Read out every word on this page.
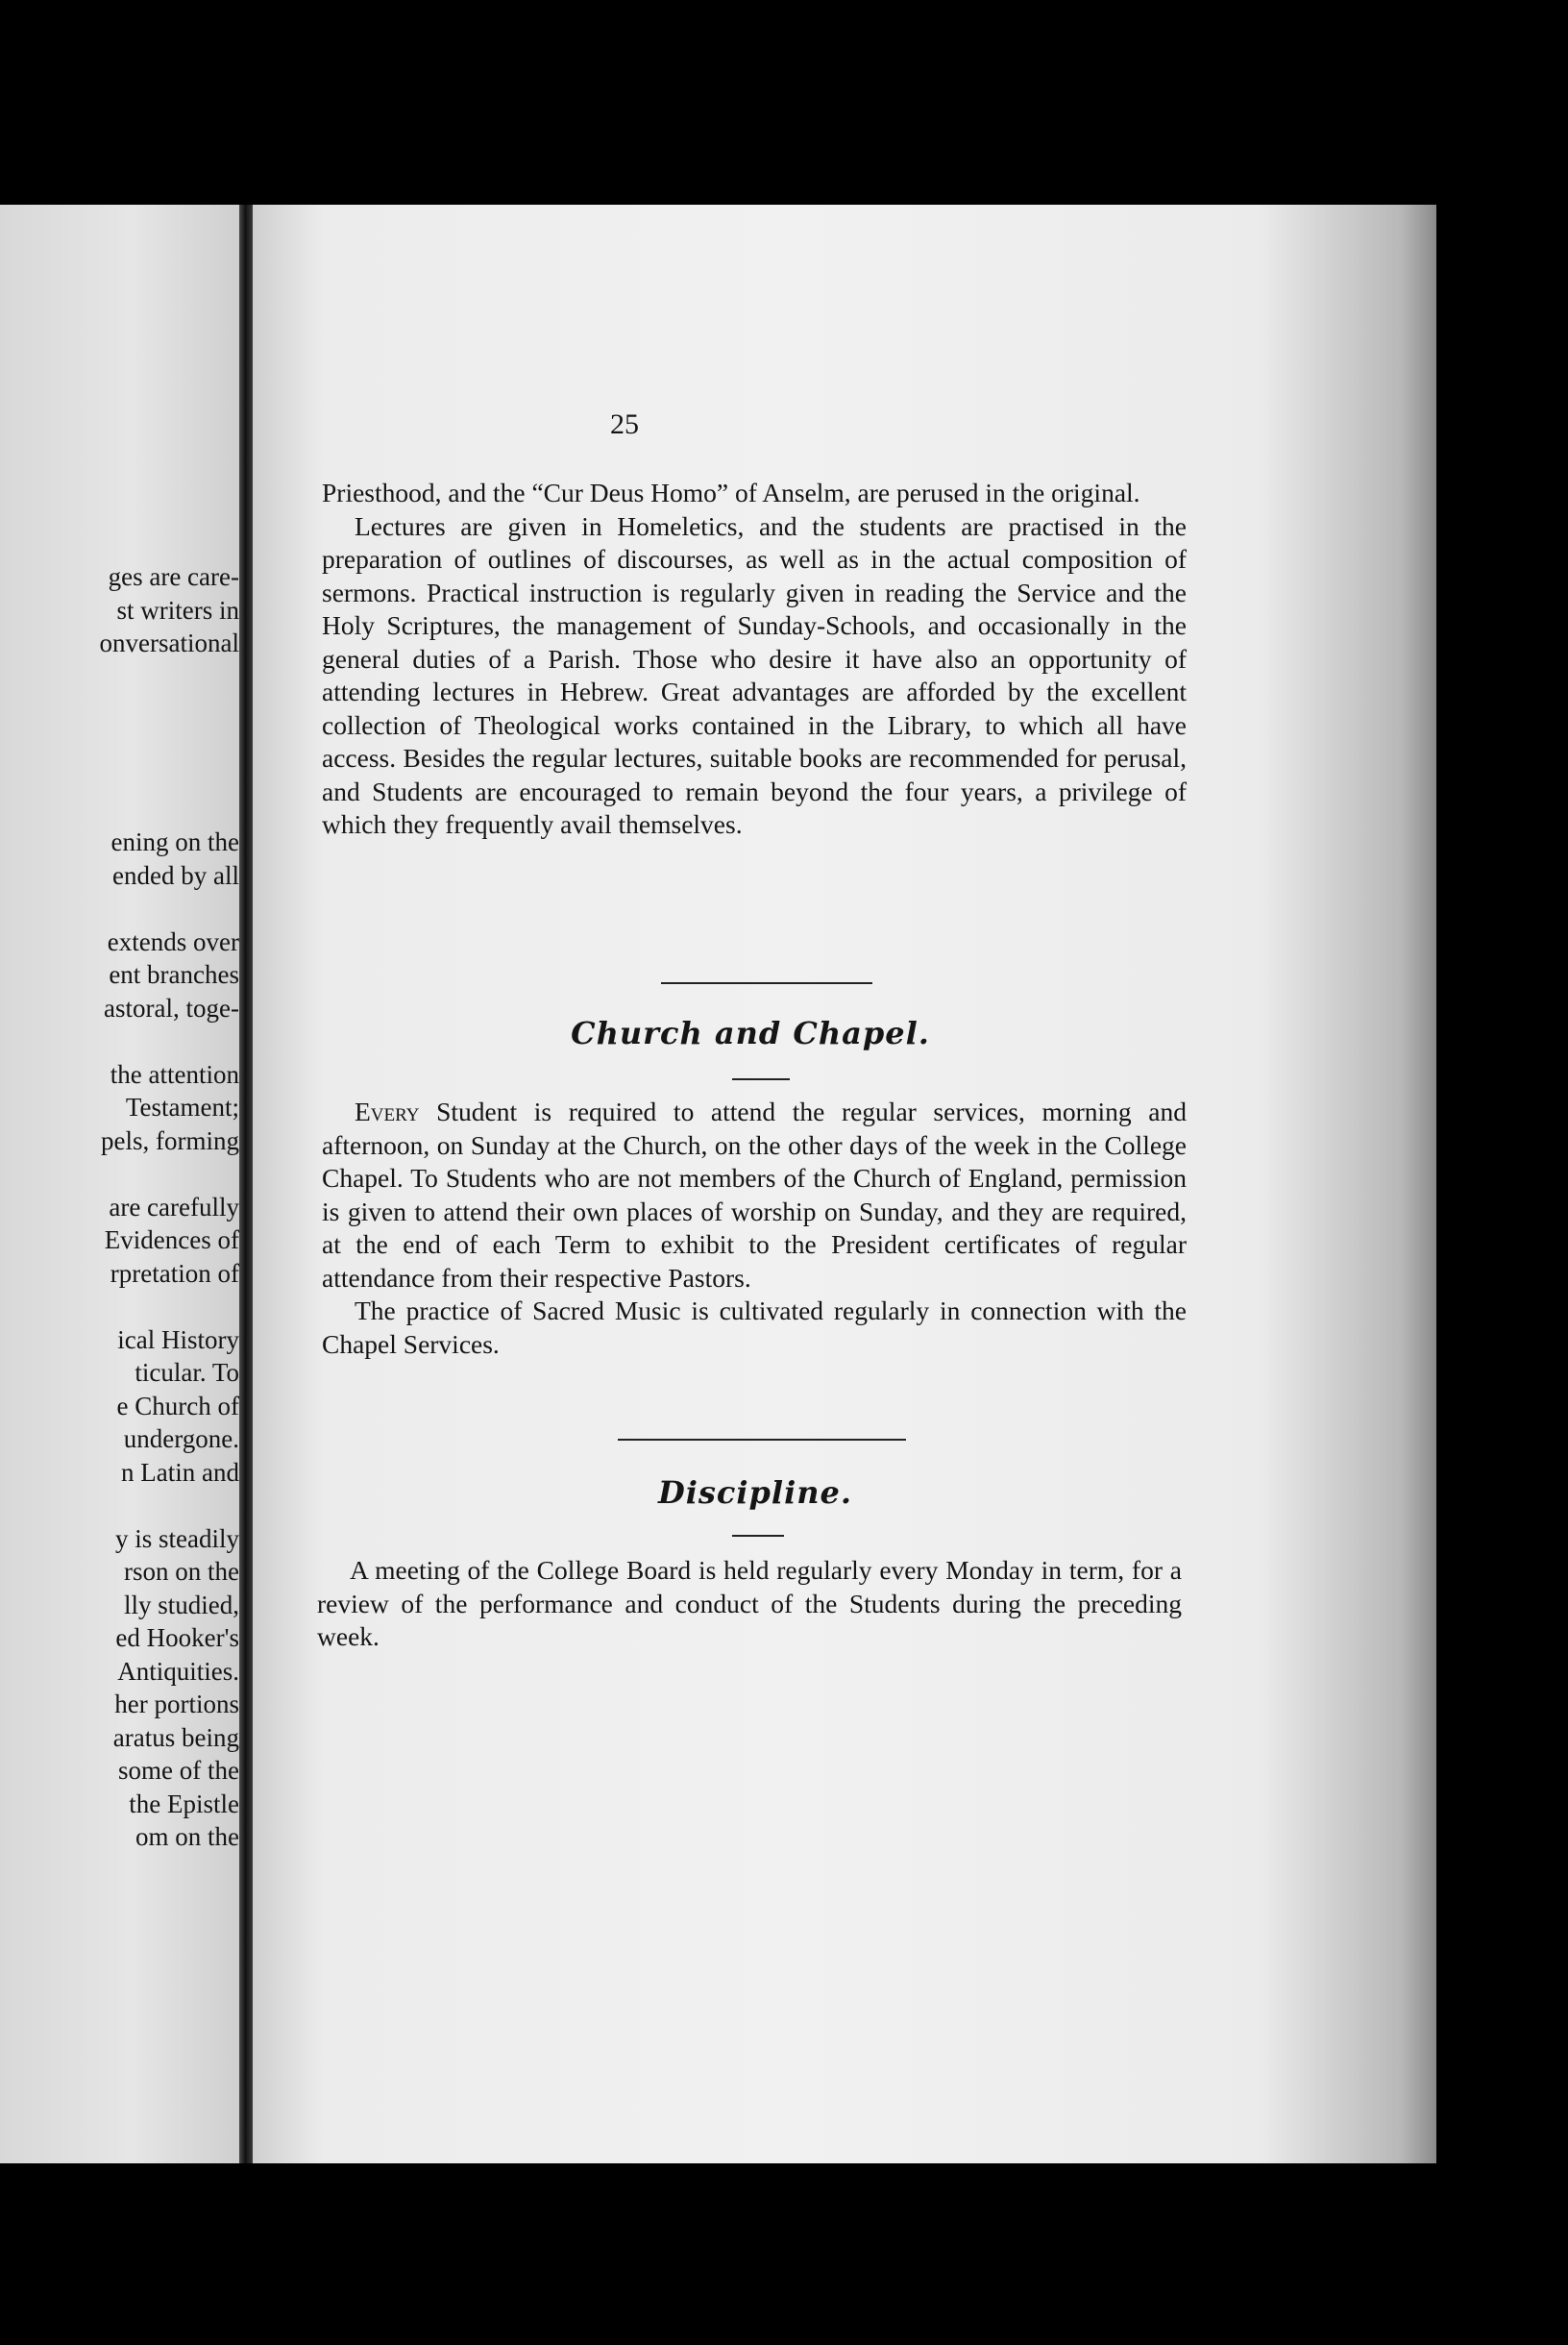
ges are care-
st writers in
onversational

ening on the
ended by all

extends over
ent branches
astoral, toge-

the attention
Testament;
pels, forming

are carefully
Evidences of
rpretation of

ical History
ticular. To
e Church of
undergone.
n Latin and

y is steadily
rson on the
lly studied,
ed Hooker's
Antiquities.
her portions
aratus being
some of the
the Epistle
om on the
25

Priesthood, and the “Cur Deus Homo” of Anselm, are perused in the original.

Lectures are given in Homeletics, and the students are practised in the preparation of outlines of discourses, as well as in the actual composition of sermons. Practical instruction is regularly given in reading the Service and the Holy Scriptures, the management of Sunday-Schools, and occasionally in the general duties of a Parish. Those who desire it have also an opportunity of attending lectures in Hebrew. Great advantages are afforded by the excellent collection of Theological works contained in the Library, to which all have access. Besides the regular lectures, suitable books are recommended for perusal, and Students are encouraged to remain beyond the four years, a privilege of which they frequently avail themselves.

Church and Chapel.

Every Student is required to attend the regular services, morning and afternoon, on Sunday at the Church, on the other days of the week in the College Chapel. To Students who are not members of the Church of England, permission is given to attend their own places of worship on Sunday, and they are required, at the end of each Term to exhibit to the President certificates of regular attendance from their respective Pastors.

The practice of Sacred Music is cultivated regularly in connection with the Chapel Services.

Discipline.

A meeting of the College Board is held regularly every Monday in term, for a review of the performance and conduct of the Students during the preceding week.
